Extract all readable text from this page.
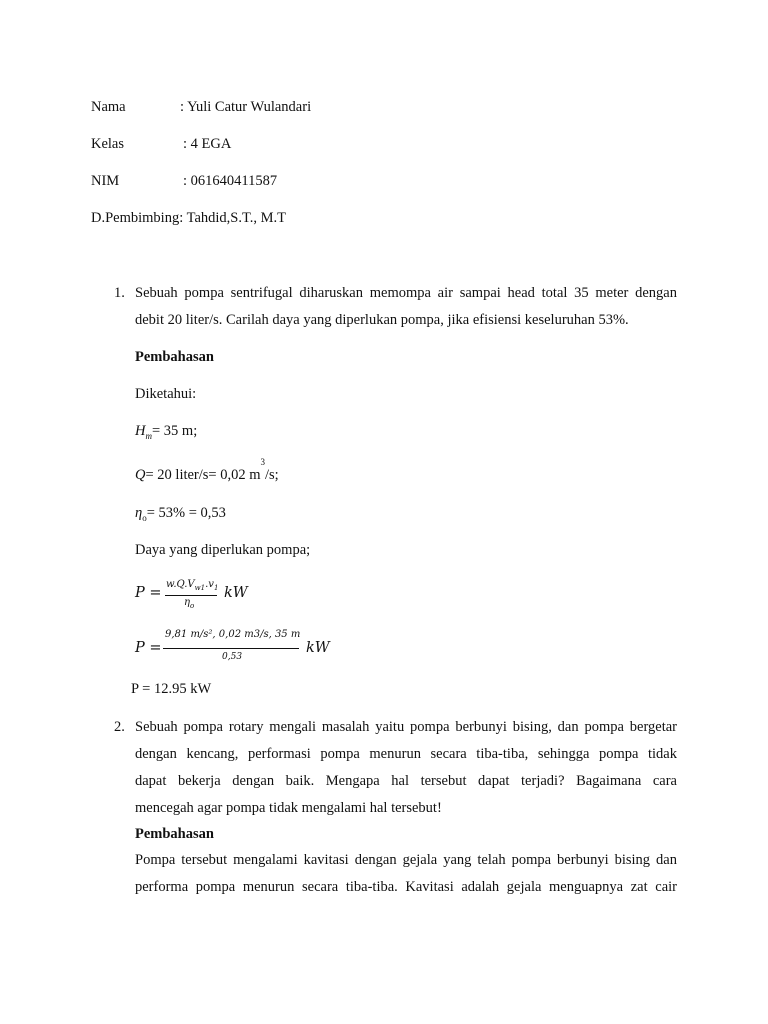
Nama	: Yuli Catur Wulandari
Kelas	: 4 EGA
NIM	: 061640411587
D.Pembimbing: Tahdid,S.T., M.T
1. Sebuah pompa sentrifugal diharuskan memompa air sampai head total 35 meter dengan
debit 20 liter/s. Carilah daya yang diperlukan pompa, jika efisiensi keseluruhan 53%.
Pembahasan
Diketahui:
$H_m= 35$ m;
Q= 20 liter/s= 0,02 $m^3/s$;
$\eta_o= 53\% = 0,53$
Daya yang diperlukan pompa;
P =
$w.Q.V_{w1}.v_1$
$\eta_o$
kW
P =
9,81 m/s², 0,02 m3/s, 35 m
0,53
kW
P = 12.95 kW
2. Sebuah pompa rotary mengali masalah yaitu pompa berbunyi bising, dan pompa bergetar
dengan kencang, performasi pompa menurun secara tiba-tiba, sehingga pompa tidak
dapat bekerja dengan baik. Mengapa hal tersebut dapat terjadi? Bagaimana cara
mencegah agar pompa tidak mengalami hal tersebut!
Pembahasan
Pompa tersebut mengalami kavitasi dengan gejala yang telah pompa berbunyi bising dan
performa pompa menurun secara tiba-tiba. Kavitasi adalah gejala menguapnya zat cair
